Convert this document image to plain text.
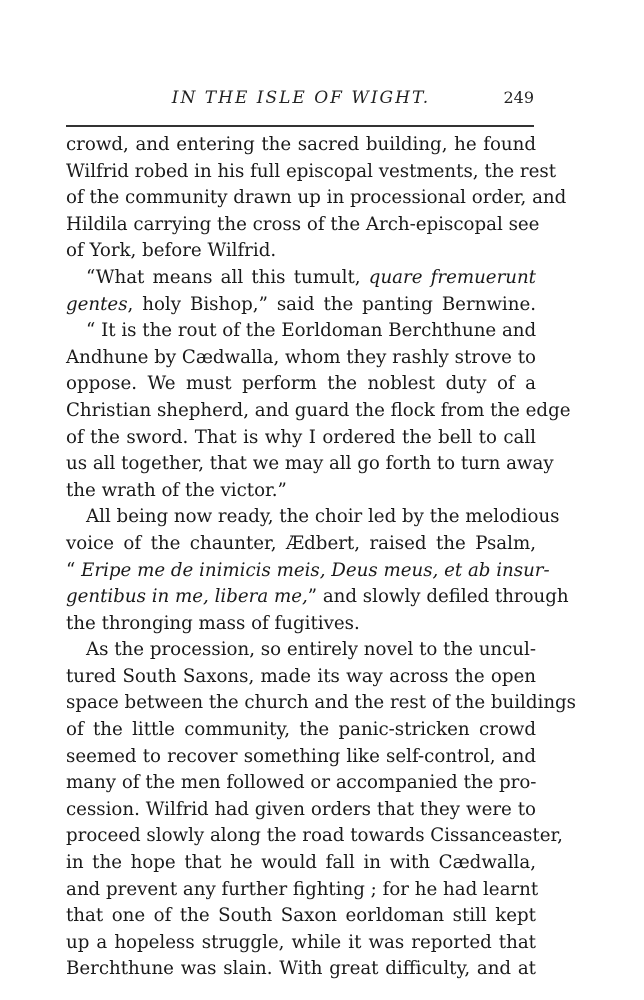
IN THE ISLE OF WIGHT.	249
crowd, and entering the sacred building, he found
Wilfrid robed in his full episcopal vestments, the rest
of the community drawn up in processional order, and
Hildila carrying the cross of the Arch-episcopal see
of York, before Wilfrid.
“What means all this tumult, quare fremuerunt
gentes, holy Bishop,” said the panting Bernwine.
“ It is the rout of the Eorldoman Berchthune and
Andhune by Cædwalla, whom they rashly strove to
oppose. We must perform the noblest duty of a
Christian shepherd, and guard the flock from the edge
of the sword. That is why I ordered the bell to call
us all together, that we may all go forth to turn away
the wrath of the victor.”
All being now ready, the choir led by the melodious
voice of the chaunter, Ædbert, raised the Psalm,
“ Eripe me de inimicis meis, Deus meus, et ab insur-
gentibus in me, libera me,” and slowly defiled through
the thronging mass of fugitives.
As the procession, so entirely novel to the uncul-
tured South Saxons, made its way across the open
space between the church and the rest of the buildings
of the little community, the panic-stricken crowd
seemed to recover something like self-control, and
many of the men followed or accompanied the pro-
cession. Wilfrid had given orders that they were to
proceed slowly along the road towards Cissanceaster,
in the hope that he would fall in with Cædwalla,
and prevent any further fighting ; for he had learnt
that one of the South Saxon eorldoman still kept
up a hopeless struggle, while it was reported that
Berchthune was slain. With great difficulty, and at
